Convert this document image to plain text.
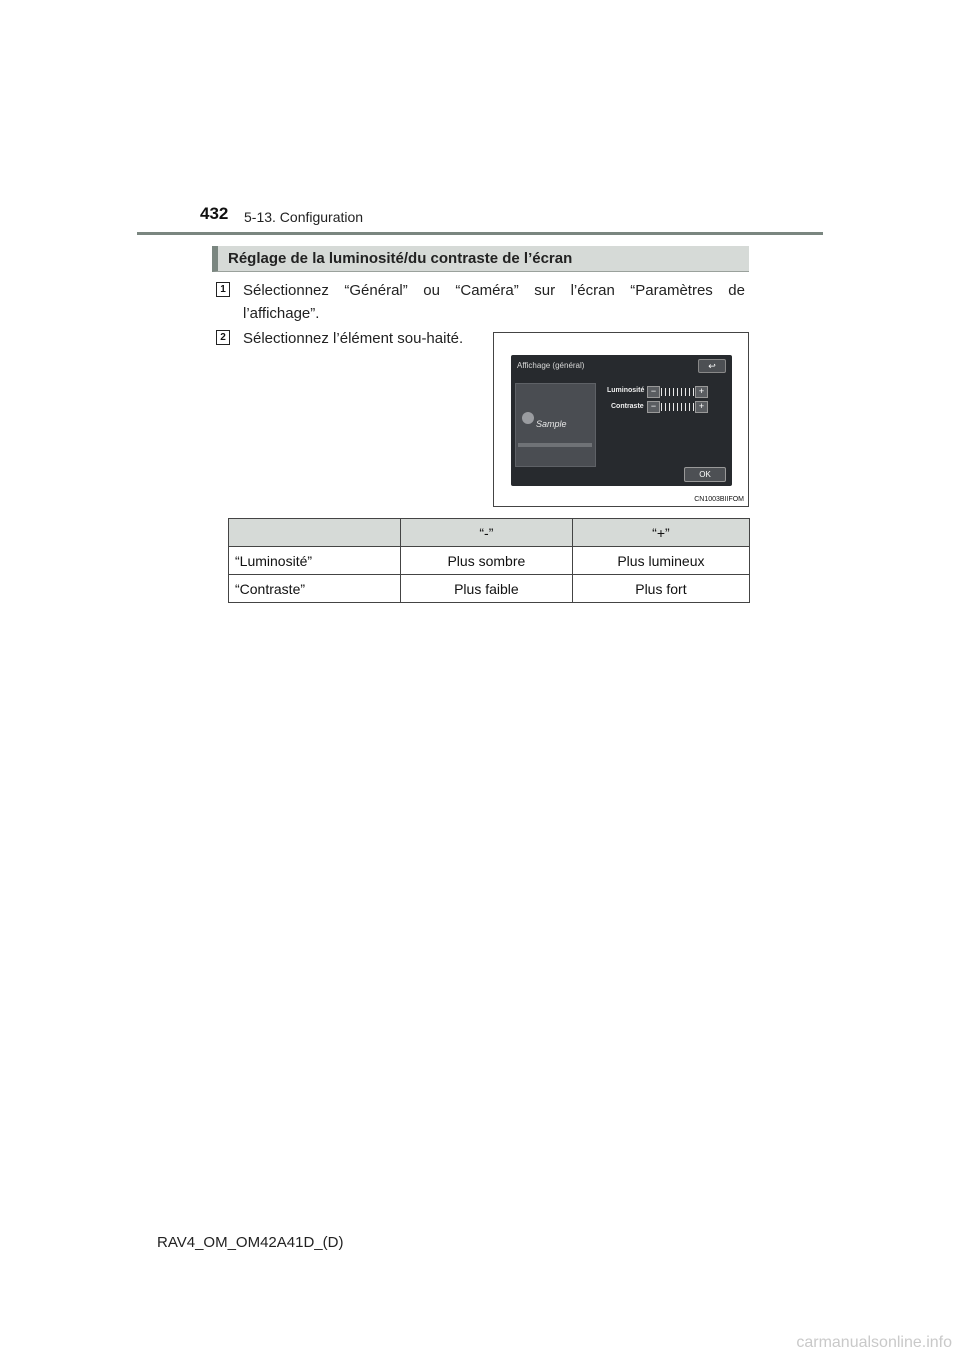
432 5-13. Configuration
Réglage de la luminosité/du contraste de l’écran
1 Sélectionnez “Général” ou “Caméra” sur l’écran “Paramètres de l’affichage”.
2 Sélectionnez l’élément sou-haité.
Affichage (général)	↩
Sample
Luminosité −	+
Contraste −	+
OK
CN1003BIIFOM
	“-”	“+”
“Luminosité”	Plus sombre	Plus lumineux
“Contraste”	Plus faible	Plus fort
RAV4_OM_OM42A41D_(D)
carmanualsonline.info
